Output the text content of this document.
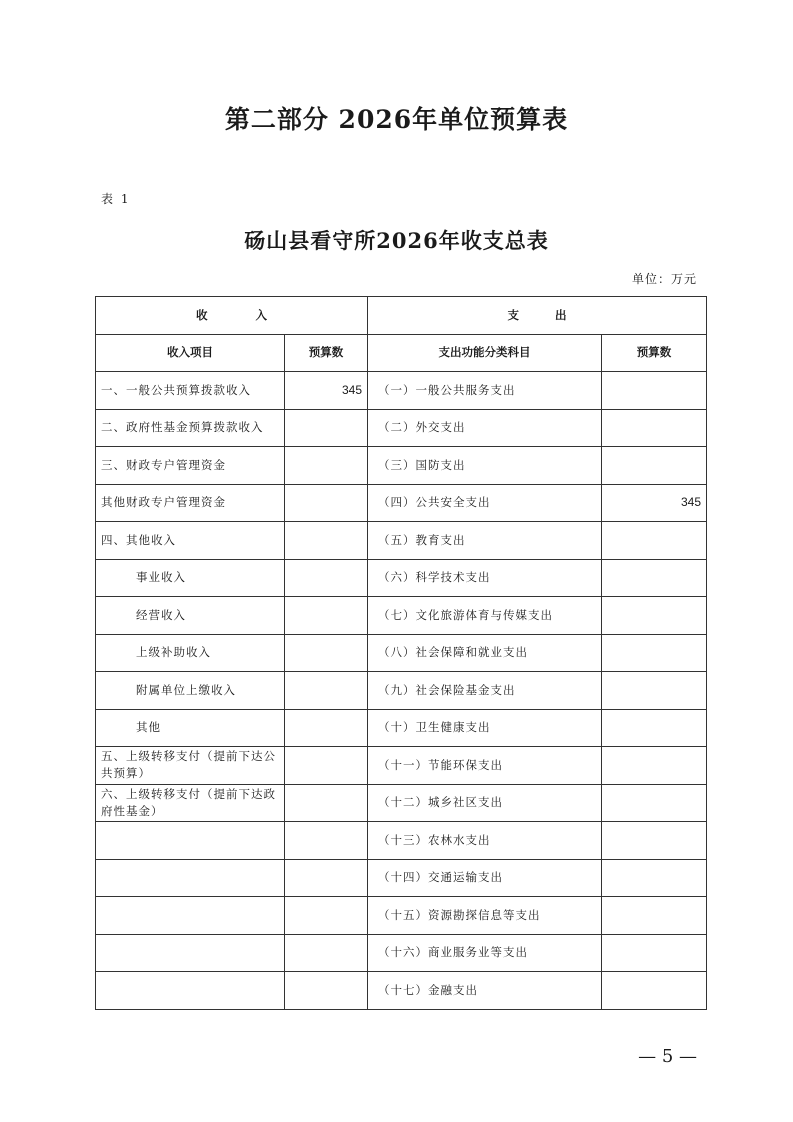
第二部分 2026年单位预算表
表 1
砀山县看守所2026年收支总表
单位：万元
收入		支出	
收入项目	预算数	支出功能分类科目	预算数
一、一般公共预算拨款收入	345	（一）一般公共服务支出	
二、政府性基金预算拨款收入		（二）外交支出	
三、财政专户管理资金		（三）国防支出	
其他财政专户管理资金		（四）公共安全支出	345
四、其他收入		（五）教育支出	
事业收入		（六）科学技术支出	
经营收入		（七）文化旅游体育与传媒支出	
上级补助收入		（八）社会保障和就业支出	
附属单位上缴收入		（九）社会保险基金支出	
其他		（十）卫生健康支出	
五、上级转移支付（提前下达公共预算）		（十一）节能环保支出	
六、上级转移支付（提前下达政府性基金）		（十二）城乡社区支出	
		（十三）农林水支出	
		（十四）交通运输支出	
		（十五）资源勘探信息等支出	
		（十六）商业服务业等支出	
		（十七）金融支出	
— 5 —
